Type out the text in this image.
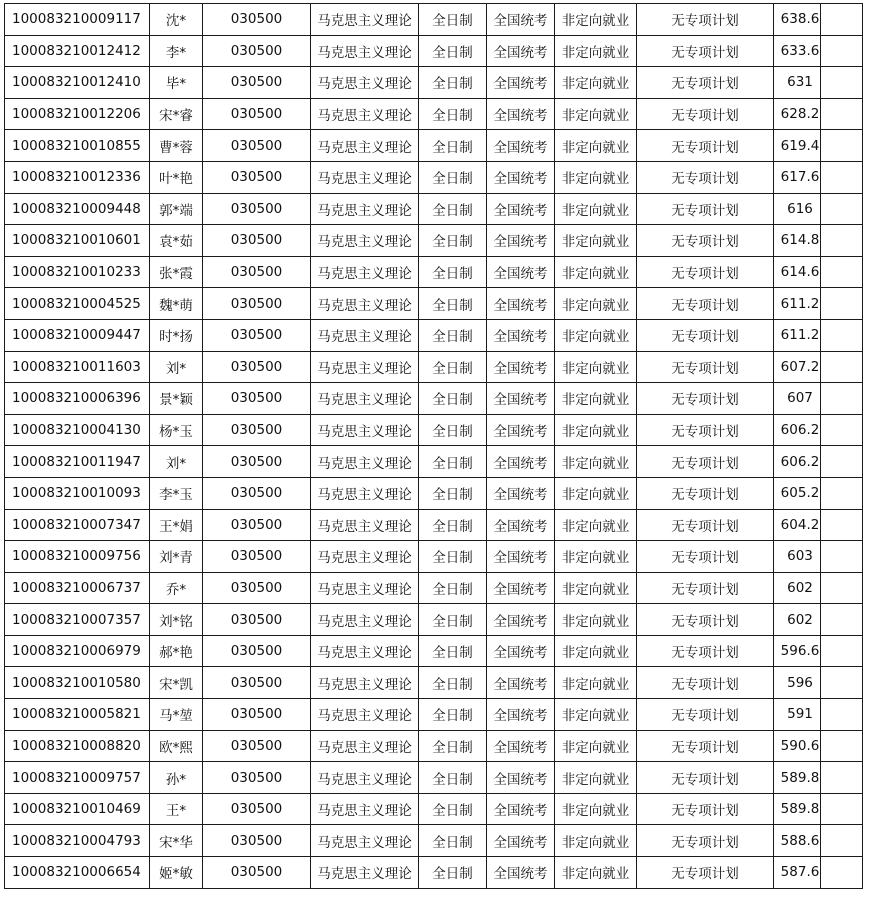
100083210009117	沈*	030500	马克思主义理论	全日制	全国统考	非定向就业	无专项计划	638.6	
100083210012412	李*	030500	马克思主义理论	全日制	全国统考	非定向就业	无专项计划	633.6	
100083210012410	毕*	030500	马克思主义理论	全日制	全国统考	非定向就业	无专项计划	631	
100083210012206	宋*睿	030500	马克思主义理论	全日制	全国统考	非定向就业	无专项计划	628.2	
100083210010855	曹*蓉	030500	马克思主义理论	全日制	全国统考	非定向就业	无专项计划	619.4	
100083210012336	叶*艳	030500	马克思主义理论	全日制	全国统考	非定向就业	无专项计划	617.6	
100083210009448	郭*端	030500	马克思主义理论	全日制	全国统考	非定向就业	无专项计划	616	
100083210010601	袁*茹	030500	马克思主义理论	全日制	全国统考	非定向就业	无专项计划	614.8	
100083210010233	张*霞	030500	马克思主义理论	全日制	全国统考	非定向就业	无专项计划	614.6	
100083210004525	魏*萌	030500	马克思主义理论	全日制	全国统考	非定向就业	无专项计划	611.2	
100083210009447	时*扬	030500	马克思主义理论	全日制	全国统考	非定向就业	无专项计划	611.2	
100083210011603	刘*	030500	马克思主义理论	全日制	全国统考	非定向就业	无专项计划	607.2	
100083210006396	景*颖	030500	马克思主义理论	全日制	全国统考	非定向就业	无专项计划	607	
100083210004130	杨*玉	030500	马克思主义理论	全日制	全国统考	非定向就业	无专项计划	606.2	
100083210011947	刘*	030500	马克思主义理论	全日制	全国统考	非定向就业	无专项计划	606.2	
100083210010093	李*玉	030500	马克思主义理论	全日制	全国统考	非定向就业	无专项计划	605.2	
100083210007347	王*娟	030500	马克思主义理论	全日制	全国统考	非定向就业	无专项计划	604.2	
100083210009756	刘*青	030500	马克思主义理论	全日制	全国统考	非定向就业	无专项计划	603	
100083210006737	乔*	030500	马克思主义理论	全日制	全国统考	非定向就业	无专项计划	602	
100083210007357	刘*铭	030500	马克思主义理论	全日制	全国统考	非定向就业	无专项计划	602	
100083210006979	郝*艳	030500	马克思主义理论	全日制	全国统考	非定向就业	无专项计划	596.6	
100083210010580	宋*凯	030500	马克思主义理论	全日制	全国统考	非定向就业	无专项计划	596	
100083210005821	马*堃	030500	马克思主义理论	全日制	全国统考	非定向就业	无专项计划	591	
100083210008820	欧*熙	030500	马克思主义理论	全日制	全国统考	非定向就业	无专项计划	590.6	
100083210009757	孙*	030500	马克思主义理论	全日制	全国统考	非定向就业	无专项计划	589.8	
100083210010469	王*	030500	马克思主义理论	全日制	全国统考	非定向就业	无专项计划	589.8	
100083210004793	宋*华	030500	马克思主义理论	全日制	全国统考	非定向就业	无专项计划	588.6	
100083210006654	姬*敏	030500	马克思主义理论	全日制	全国统考	非定向就业	无专项计划	587.6	
